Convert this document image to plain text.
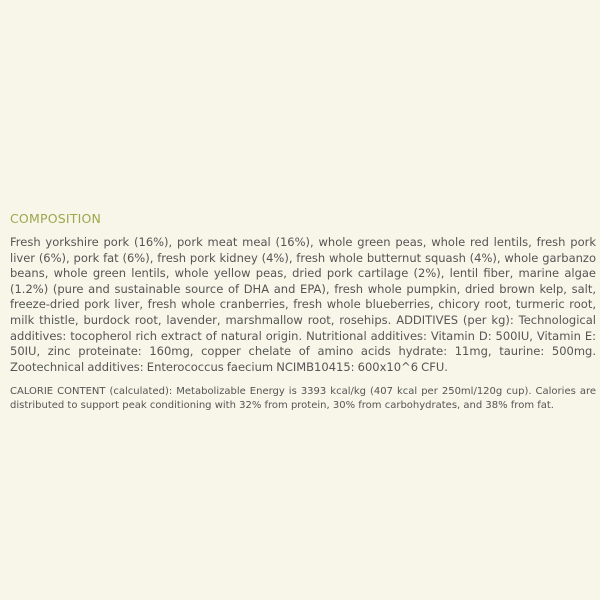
COMPOSITION

Fresh yorkshire pork (16%), pork meat meal (16%), whole green peas, whole red lentils, fresh pork liver (6%), pork fat (6%), fresh pork kidney (4%), fresh whole butternut squash (4%), whole garbanzo beans, whole green lentils, whole yellow peas, dried pork cartilage (2%), lentil fiber, marine algae (1.2%) (pure and sustainable source of DHA and EPA), fresh whole pumpkin, dried brown kelp, salt, freeze-dried pork liver, fresh whole cranberries, fresh whole blueberries, chicory root, turmeric root, milk thistle, burdock root, lavender, marshmallow root, rosehips. ADDITIVES (per kg): Technological additives: tocopherol rich extract of natural origin. Nutritional additives: Vitamin D: 500IU, Vitamin E: 50IU, zinc proteinate: 160mg, copper chelate of amino acids hydrate: 11mg, taurine: 500mg. Zootechnical additives: Enterococcus faecium NCIMB10415: 600x10^6 CFU.

CALORIE CONTENT (calculated): Metabolizable Energy is 3393 kcal/kg (407 kcal per 250ml/120g cup). Calories are distributed to support peak conditioning with 32% from protein, 30% from carbohydrates, and 38% from fat.
